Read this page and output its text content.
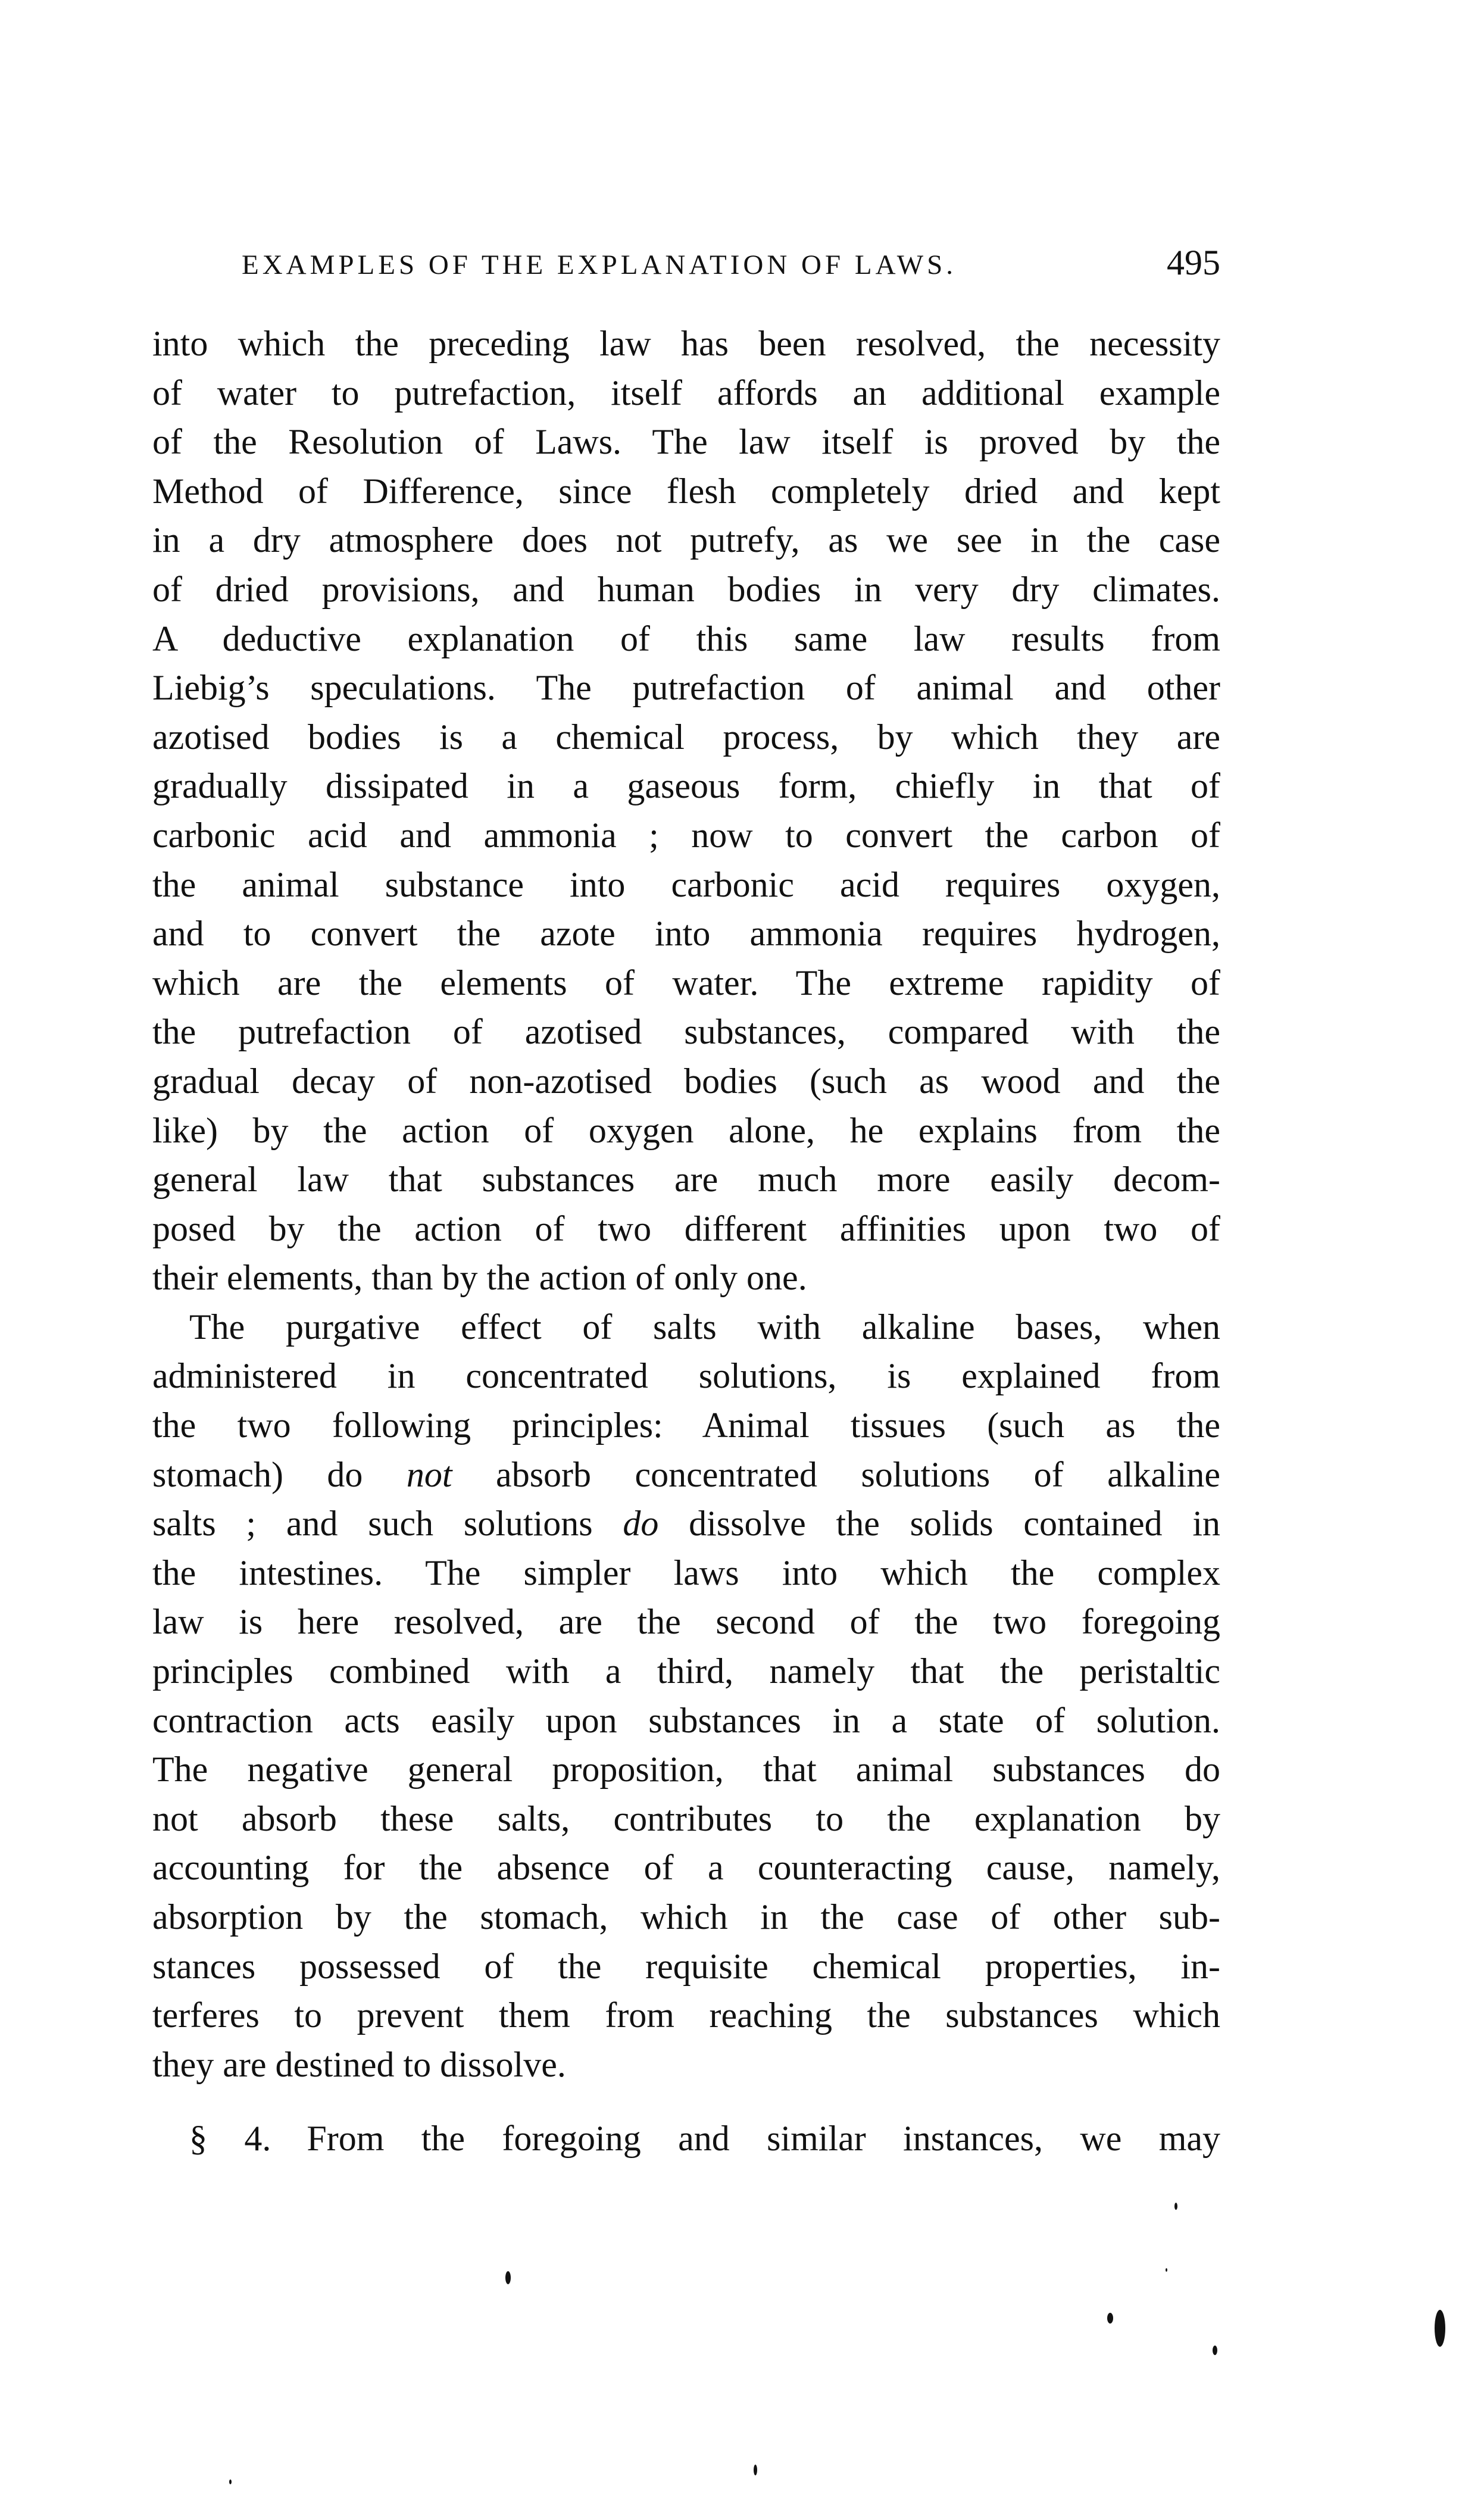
EXAMPLES OF THE EXPLANATION OF LAWS.	495
into which the preceding law has been resolved, the necessity
of water to putrefaction, itself affords an additional example
of the Resolution of Laws. The law itself is proved by the
Method of Difference, since flesh completely dried and kept
in a dry atmosphere does not putrefy, as we see in the case
of dried provisions, and human bodies in very dry climates.
A deductive explanation of this same law results from
Liebig’s speculations. The putrefaction of animal and other
azotised bodies is a chemical process, by which they are
gradually dissipated in a gaseous form, chiefly in that of
carbonic acid and ammonia ; now to convert the carbon of
the animal substance into carbonic acid requires oxygen,
and to convert the azote into ammonia requires hydrogen,
which are the elements of water. The extreme rapidity of
the putrefaction of azotised substances, compared with the
gradual decay of non-azotised bodies (such as wood and the
like) by the action of oxygen alone, he explains from the
general law that substances are much more easily decom-
posed by the action of two different affinities upon two of
their elements, than by the action of only one.
The purgative effect of salts with alkaline bases, when
administered in concentrated solutions, is explained from
the two following principles: Animal tissues (such as the
stomach) do not absorb concentrated solutions of alkaline
salts ; and such solutions do dissolve the solids contained in
the intestines. The simpler laws into which the complex
law is here resolved, are the second of the two foregoing
principles combined with a third, namely that the peristaltic
contraction acts easily upon substances in a state of solution.
The negative general proposition, that animal substances do
not absorb these salts, contributes to the explanation by
accounting for the absence of a counteracting cause, namely,
absorption by the stomach, which in the case of other sub-
stances possessed of the requisite chemical properties, in-
terferes to prevent them from reaching the substances which
they are destined to dissolve.
§ 4. From the foregoing and similar instances, we may
